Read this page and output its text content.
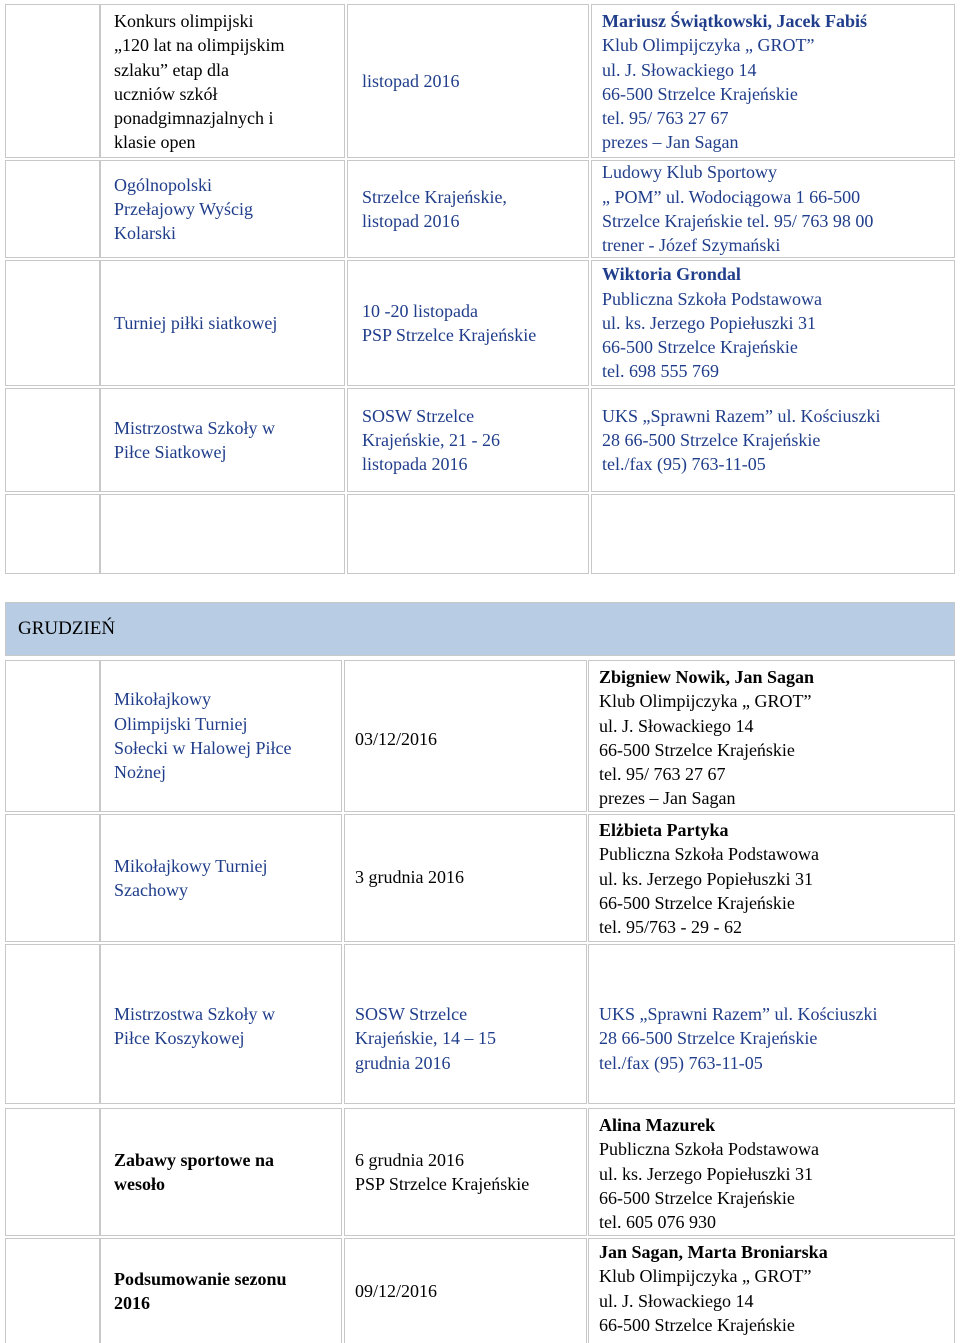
Konkurs olimpijski
„120 lat na olimpijskim
szlaku” etap dla
uczniów szkół
ponadgimnazjalnych i
klasie open
listopad 2016
Mariusz Świątkowski, Jacek Fabiś
Klub Olimpijczyka „ GROT”
ul. J. Słowackiego 14
66-500 Strzelce Krajeńskie
tel. 95/ 763 27 67
prezes – Jan Sagan
Ogólnopolski
Przełajowy Wyścig
Kolarski
Strzelce Krajeńskie,
listopad 2016
Ludowy Klub Sportowy
„ POM” ul. Wodociągowa 1 66-500
Strzelce Krajeńskie tel. 95/ 763 98 00
trener - Józef Szymański
Turniej piłki siatkowej
10 -20 listopada
PSP Strzelce Krajeńskie
Wiktoria Grondal
Publiczna Szkoła Podstawowa
ul. ks. Jerzego Popiełuszki 31
66-500 Strzelce Krajeńskie
tel. 698 555 769
Mistrzostwa Szkoły w
Piłce Siatkowej
SOSW Strzelce
Krajeńskie, 21 - 26
listopada 2016
UKS „Sprawni Razem” ul. Kościuszki
28 66-500 Strzelce Krajeńskie
tel./fax (95) 763-11-05
GRUDZIEŃ
Mikołajkowy
Olimpijski Turniej
Sołecki w Halowej Piłce
Nożnej
03/12/2016
Zbigniew Nowik, Jan Sagan
Klub Olimpijczyka „ GROT”
ul. J. Słowackiego 14
66-500 Strzelce Krajeńskie
tel. 95/ 763 27 67
prezes – Jan Sagan
Mikołajkowy Turniej
Szachowy
3 grudnia 2016
Elżbieta Partyka
Publiczna Szkoła Podstawowa
ul. ks. Jerzego Popiełuszki 31
66-500 Strzelce Krajeńskie
tel. 95/763 - 29 - 62
Mistrzostwa Szkoły w
Piłce Koszykowej
SOSW Strzelce
Krajeńskie, 14 – 15
grudnia 2016
UKS „Sprawni Razem” ul. Kościuszki
28 66-500 Strzelce Krajeńskie
tel./fax (95) 763-11-05
Zabawy sportowe na
wesoło
6 grudnia 2016
PSP Strzelce Krajeńskie
Alina Mazurek
Publiczna Szkoła Podstawowa
ul. ks. Jerzego Popiełuszki 31
66-500 Strzelce Krajeńskie
tel. 605 076 930
Podsumowanie sezonu
2016
09/12/2016
Jan Sagan, Marta Broniarska
Klub Olimpijczyka „ GROT”
ul. J. Słowackiego 14
66-500 Strzelce Krajeńskie
